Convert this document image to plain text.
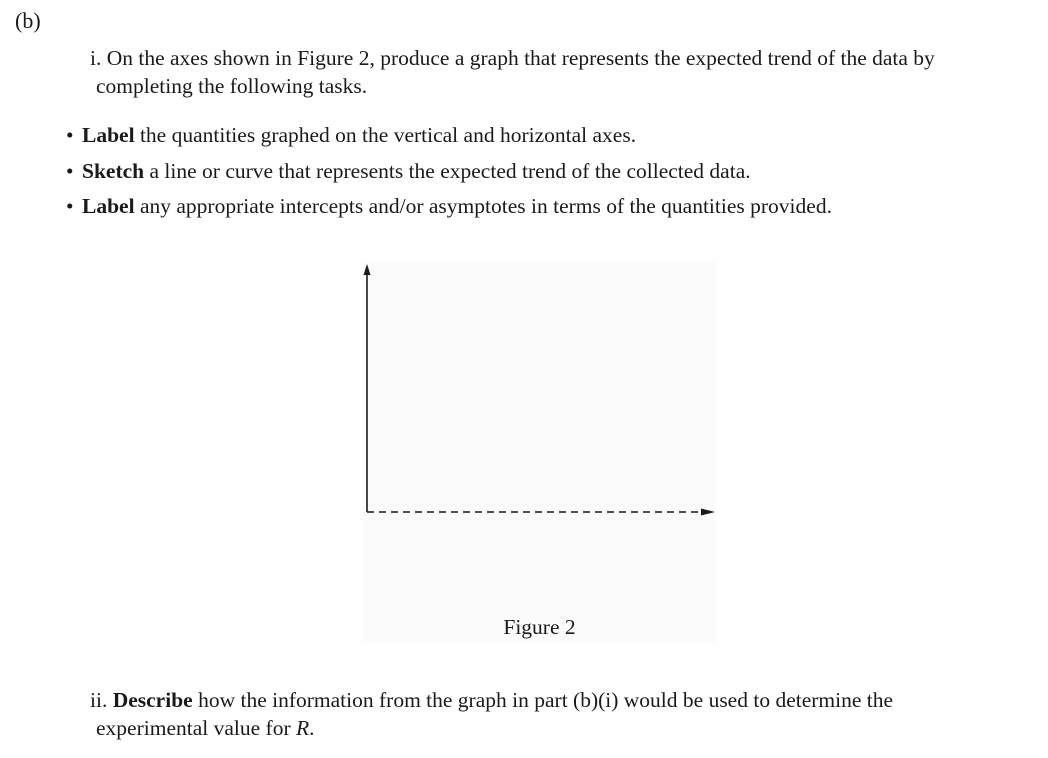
(b)
i. On the axes shown in Figure 2, produce a graph that represents the expected trend of the data by
completing the following tasks.
• Label the quantities graphed on the vertical and horizontal axes.
• Sketch a line or curve that represents the expected trend of the collected data.
• Label any appropriate intercepts and/or asymptotes in terms of the quantities provided.
Figure 2
ii. Describe how the information from the graph in part (b)(i) would be used to determine the
experimental value for R.
